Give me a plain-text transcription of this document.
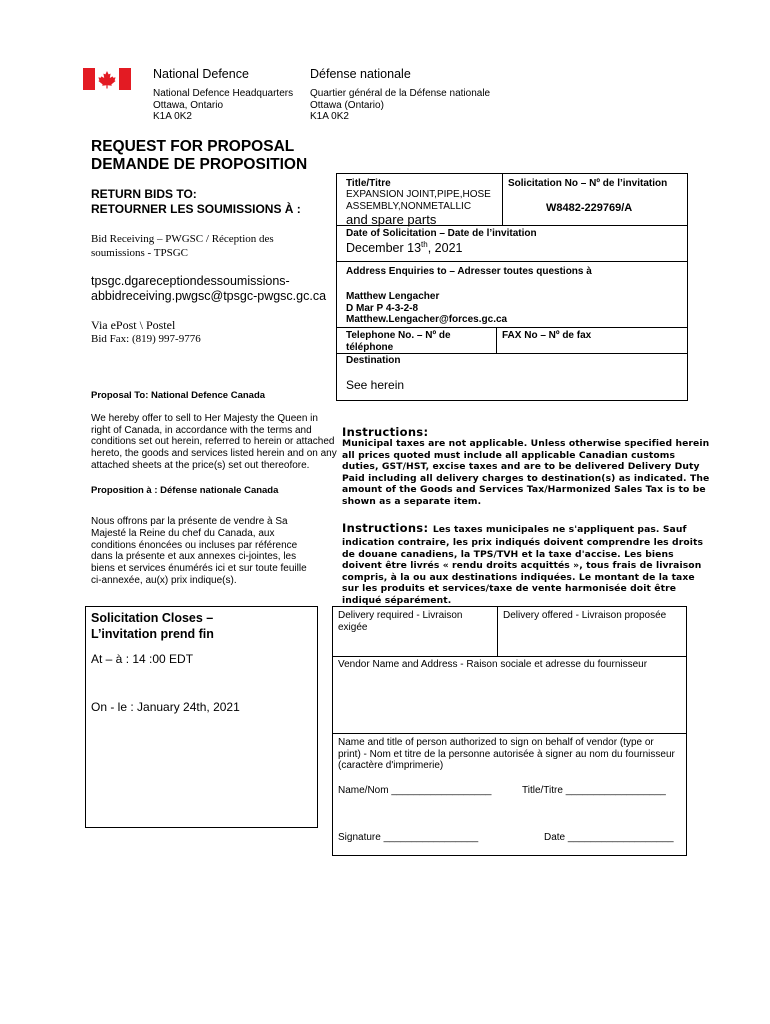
National Defence	Défense nationale
National Defence Headquarters
Ottawa, Ontario
K1A 0K2
Quartier général de la Défense nationale
Ottawa (Ontario)
K1A 0K2
REQUEST FOR PROPOSAL
DEMANDE DE PROPOSITION
RETURN BIDS TO:
RETOURNER LES SOUMISSIONS À :
Bid Receiving – PWGSC / Réception des
soumissions - TPSGC
tpsgc.dgareceptiondessoumissions-
abbidreceiving.pwgsc@tpsgc-pwgsc.gc.ca
Via ePost \ Postel
Bid Fax: (819) 997-9776
Proposal To: National Defence Canada
We hereby offer to sell to Her Majesty the Queen in
right of Canada, in accordance with the terms and
conditions set out herein, referred to herein or attached
hereto, the goods and services listed herein and on any
attached sheets at the price(s) set out thereofore.
Proposition à : Défense nationale Canada
Nous offrons par la présente de vendre à Sa
Majesté la Reine du chef du Canada, aux
conditions énoncées ou incluses par référence
dans la présente et aux annexes ci-jointes, les
biens et services énumérés ici et sur toute feuille
ci-annexée, au(x) prix indique(s).
Solicitation Closes –
L’invitation prend fin
At – à : 14 :00 EDT
On - le : January 24th, 2021
Title/Titre
EXPANSION JOINT,PIPE,HOSE
ASSEMBLY,NONMETALLIC
and spare parts
Solicitation No – Nº de l’invitation
W8482-229769/A
Date of Solicitation – Date de l’invitation
December 13th, 2021
Address Enquiries to – Adresser toutes questions à
Matthew Lengacher
D Mar P 4-3-2-8
Matthew.Lengacher@forces.gc.ca
Telephone No. – Nº de
téléphone
FAX No – Nº de fax
Destination
See herein
Instructions:
Municipal taxes are not applicable. Unless otherwise specified herein
all prices quoted must include all applicable Canadian customs
duties, GST/HST, excise taxes and are to be delivered Delivery Duty
Paid including all delivery charges to destination(s) as indicated. The
amount of the Goods and Services Tax/Harmonized Sales Tax is to be
shown as a separate item.
Instructions: Les taxes municipales ne s'appliquent pas. Sauf
indication contraire, les prix indiqués doivent comprendre les droits
de douane canadiens, la TPS/TVH et la taxe d'accise. Les biens
doivent être livrés « rendu droits acquittés », tous frais de livraison
compris, à la ou aux destinations indiquées. Le montant de la taxe
sur les produits et services/taxe de vente harmonisée doit être
indiqué séparément.
Delivery required - Livraison
exigée
Delivery offered - Livraison proposée
Vendor Name and Address - Raison sociale et adresse du fournisseur
Name and title of person authorized to sign on behalf of vendor (type or
print) - Nom et titre de la personne autorisée à signer au nom du fournisseur
(caractère d'imprimerie)
Name/Nom __________________	Title/Titre __________________
Signature _________________	Date ___________________
